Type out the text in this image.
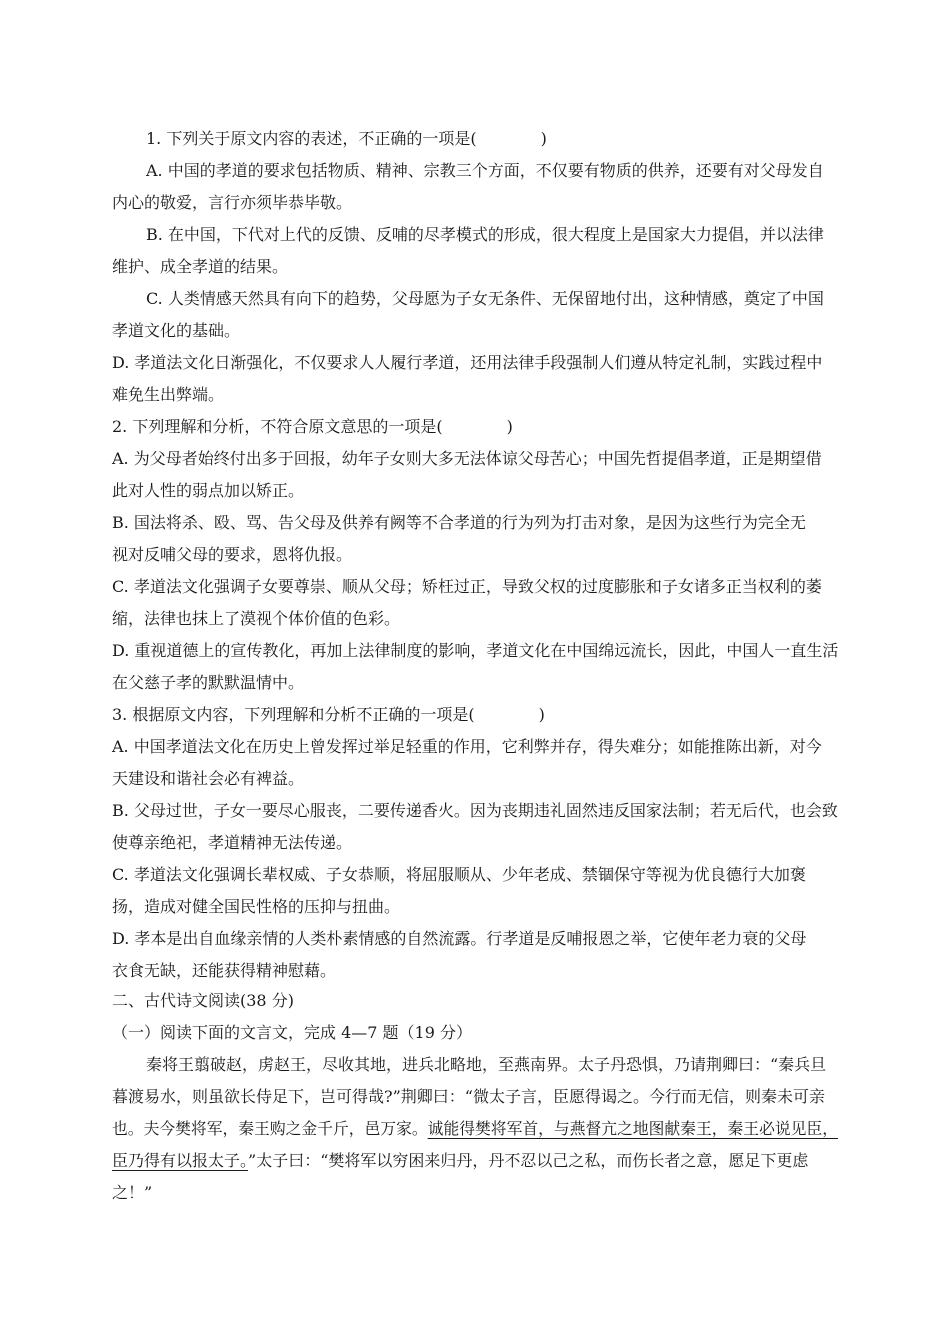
1. 下列关于原文内容的表述，不正确的一项是(　　　　)
A. 中国的孝道的要求包括物质、精神、宗教三个方面，不仅要有物质的供养，还要有对父母发自
内心的敬爱，言行亦须毕恭毕敬。
B. 在中国，下代对上代的反馈、反哺的尽孝模式的形成，很大程度上是国家大力提倡，并以法律
维护、成全孝道的结果。
C. 人类情感天然具有向下的趋势，父母愿为子女无条件、无保留地付出，这种情感，奠定了中国
孝道文化的基础。
D. 孝道法文化日渐强化，不仅要求人人履行孝道，还用法律手段强制人们遵从特定礼制，实践过程中
难免生出弊端。
2. 下列理解和分析，不符合原文意思的一项是(　　　　)
A. 为父母者始终付出多于回报，幼年子女则大多无法体谅父母苦心；中国先哲提倡孝道，正是期望借
此对人性的弱点加以矫正。
B. 国法将杀、殴、骂、告父母及供养有阙等不合孝道的行为列为打击对象，是因为这些行为完全无
视对反哺父母的要求，恩将仇报。
C. 孝道法文化强调子女要尊崇、顺从父母；矫枉过正，导致父权的过度膨胀和子女诸多正当权利的萎
缩，法律也抹上了漠视个体价值的色彩。
D. 重视道德上的宣传教化，再加上法律制度的影响，孝道文化在中国绵远流长，因此，中国人一直生活
在父慈子孝的默默温情中。
3. 根据原文内容，下列理解和分析不正确的一项是(　　　　)
A. 中国孝道法文化在历史上曾发挥过举足轻重的作用，它利弊并存，得失难分；如能推陈出新，对今
天建设和谐社会必有裨益。
B. 父母过世，子女一要尽心服丧，二要传递香火。因为丧期违礼固然违反国家法制；若无后代，也会致
使尊亲绝祀，孝道精神无法传递。
C. 孝道法文化强调长辈权威、子女恭顺，将屈服顺从、少年老成、禁锢保守等视为优良德行大加褒
扬，造成对健全国民性格的压抑与扭曲。
D. 孝本是出自血缘亲情的人类朴素情感的自然流露。行孝道是反哺报恩之举，它使年老力衰的父母
衣食无缺，还能获得精神慰藉。
二、古代诗文阅读(38 分)
（一）阅读下面的文言文，完成 4—7 题（19 分）
秦将王翦破赵，虏赵王，尽收其地，进兵北略地，至燕南界。太子丹恐惧，乃请荆卿曰：“秦兵旦
暮渡易水，则虽欲长侍足下，岂可得哉?”荆卿曰：“微太子言，臣愿得谒之。今行而无信，则秦未可亲
也。夫今樊将军，秦王购之金千斤，邑万家。诚能得樊将军首，与燕督亢之地图献秦王，秦王必说见臣，
臣乃得有以报太子。”太子曰：“樊将军以穷困来归丹，丹不忍以己之私，而伤长者之意，愿足下更虑
之！”
